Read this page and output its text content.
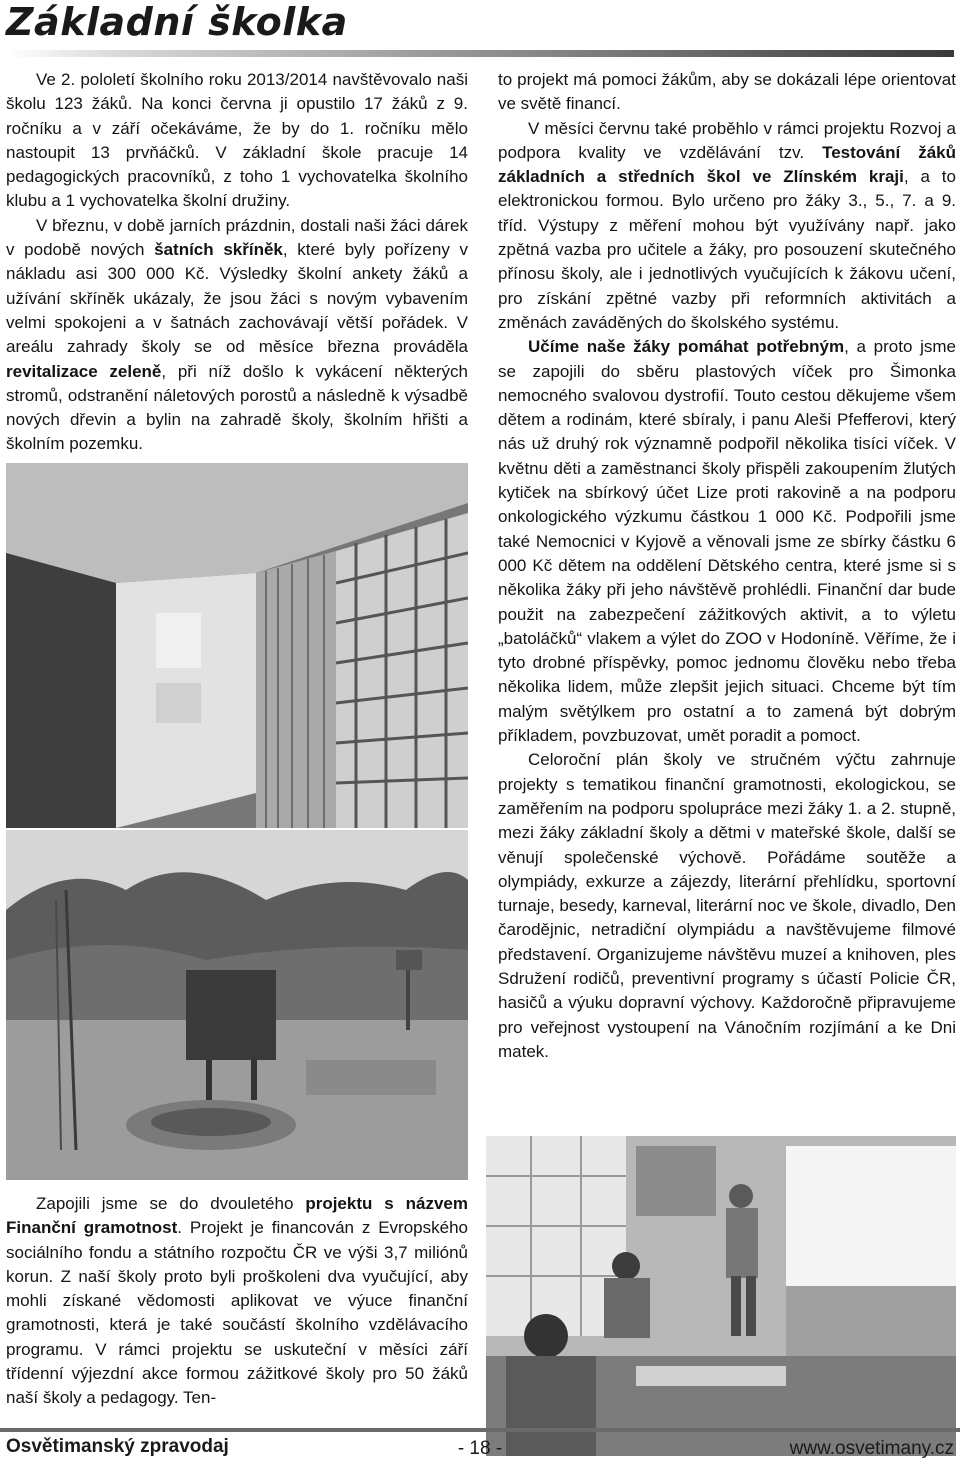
Základní školka

Ve 2. pololetí školního roku 2013/2014 navštěvovalo naši školu 123 žáků. Na konci června ji opustilo 17 žáků z 9. ročníku a v září očekáváme, že by do 1. ročníku mělo nastoupit 13 prvňáčků. V základní škole pracuje 14 pedagogických pracovníků, z toho 1 vychovatelka školního klubu a 1 vychovatelka školní družiny.

V březnu, v době jarních prázdnin, dostali naši žáci dárek v podobě nových šatních skříněk, které byly pořízeny v nákladu asi 300 000 Kč. Výsledky školní ankety žáků a užívání skříněk ukázaly, že jsou žáci s novým vybavením velmi spokojeni a v šatnách zachovávají větší pořádek. V areálu zahrady školy se od měsíce března prováděla revitalizace zeleně, při níž došlo k vykácení některých stromů, odstranění náletových porostů a následně k výsadbě nových dřevin a bylin na zahradě školy, školním hřišti a školním pozemku.

Zapojili jsme se do dvouletého projektu s názvem Finanční gramotnost. Projekt je financován z Evropského sociálního fondu a státního rozpočtu ČR ve výši 3,7 miliónů korun. Z naší školy proto byli proškoleni dva vyučující, aby mohli získané vědomosti aplikovat ve výuce finanční gramotnosti, která je také součástí školního vzdělávacího programu. V rámci projektu se uskuteční v měsíci září třídenní výjezdní akce formou zážitkové školy pro 50 žáků naší školy a pedagogy. Ten-

to projekt má pomoci žákům, aby se dokázali lépe orientovat ve světě financí.

V měsíci červnu také proběhlo v rámci projektu Rozvoj a podpora kvality ve vzdělávání tzv. Testování žáků základních a středních škol ve Zlínském kraji, a to elektronickou formou. Bylo určeno pro žáky 3., 5., 7. a 9. tříd. Výstupy z měření mohou být využívány např. jako zpětná vazba pro učitele a žáky, pro posouzení skutečného přínosu školy, ale i jednotlivých vyučujících k žákovu učení, pro získání zpětné vazby při reformních aktivitách a změnách zaváděných do školského systému.

Učíme naše žáky pomáhat potřebným, a proto jsme se zapojili do sběru plastových víček pro Šimonka nemocného svalovou dystrofií. Touto cestou děkujeme všem dětem a rodinám, které sbíraly, i panu Aleši Pfefferovi, který nás už druhý rok významně podpořil několika tisíci víček. V květnu děti a zaměstnanci školy přispěli zakoupením žlutých kytiček na sbírkový účet Lize proti rakovině a na podporu onkologického výzkumu částkou 1 000 Kč. Podpořili jsme také Nemocnici v Kyjově a věnovali jsme ze sbírky částku 6 000 Kč dětem na oddělení Dětského centra, které jsme si s několika žáky při jeho návštěvě prohlédli. Finanční dar bude použit na zabezpečení zážitkových aktivit, a to výletu „batoláčků“ vlakem a výlet do ZOO v Hodoníně. Věříme, že i tyto drobné příspěvky, pomoc jednomu člověku nebo třeba několika lidem, může zlepšit jejich situaci. Chceme být tím malým světýlkem pro ostatní a to zamená být dobrým příkladem, povzbuzovat, umět poradit a pomoct.

Celoroční plán školy ve stručném výčtu zahrnuje projekty s tematikou finanční gramotnosti, ekologickou, se zaměřením na podporu spolupráce mezi žáky 1. a 2. stupně, mezi žáky základní školy a dětmi v mateřské škole, další se věnují společenské výchově. Pořádáme soutěže a olympiády, exkurze a zájezdy, literární přehlídku, sportovní turnaje, besedy, karneval, literární noc ve škole, divadlo, Den čarodějnic, netradiční olympiádu a navštěvujeme filmové představení. Organizujeme návštěvu muzeí a knihoven, ples Sdružení rodičů, preventivní programy s účastí Policie ČR, hasičů a výuku dopravní výchovy. Každoročně připravujeme pro veřejnost vystoupení na Vánočním rozjímání a ke Dni matek.

- 18 -
Osvětimanský zpravodaj	www.osvetimany.cz
